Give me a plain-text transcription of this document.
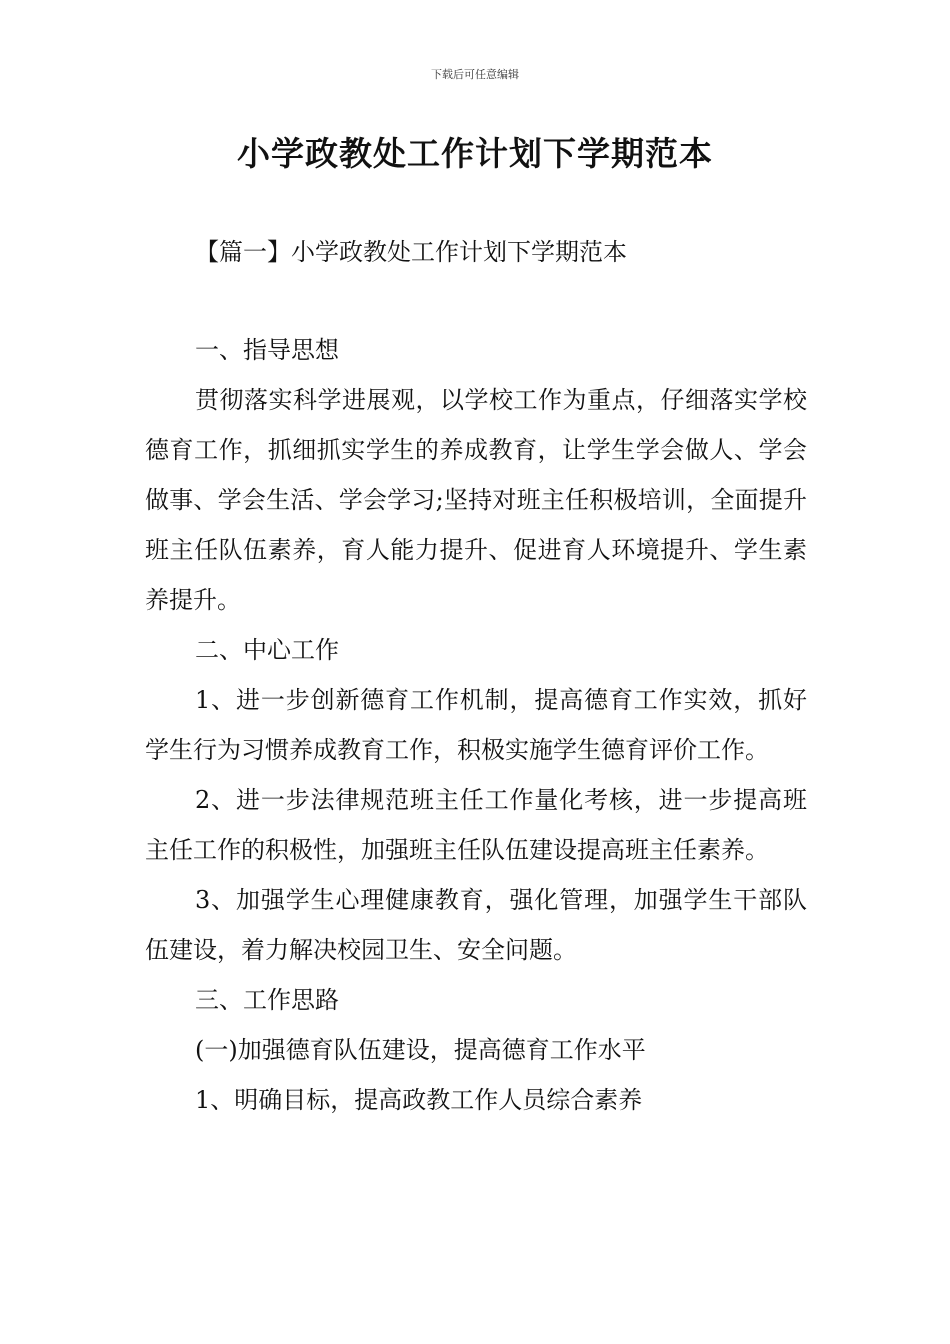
下载后可任意编辑
小学政教处工作计划下学期范本
【篇一】小学政教处工作计划下学期范本

一、指导思想

贯彻落实科学进展观，以学校工作为重点，仔细落实学校德育工作，抓细抓实学生的养成教育，让学生学会做人、学会做事、学会生活、学会学习;坚持对班主任积极培训，全面提升班主任队伍素养，育人能力提升、促进育人环境提升、学生素养提升。

二、中心工作

1、进一步创新德育工作机制，提高德育工作实效，抓好学生行为习惯养成教育工作，积极实施学生德育评价工作。

2、进一步法律规范班主任工作量化考核，进一步提高班主任工作的积极性，加强班主任队伍建设提高班主任素养。

3、加强学生心理健康教育，强化管理，加强学生干部队伍建设，着力解决校园卫生、安全问题。

三、工作思路

(一)加强德育队伍建设，提高德育工作水平

1、明确目标，提高政教工作人员综合素养
